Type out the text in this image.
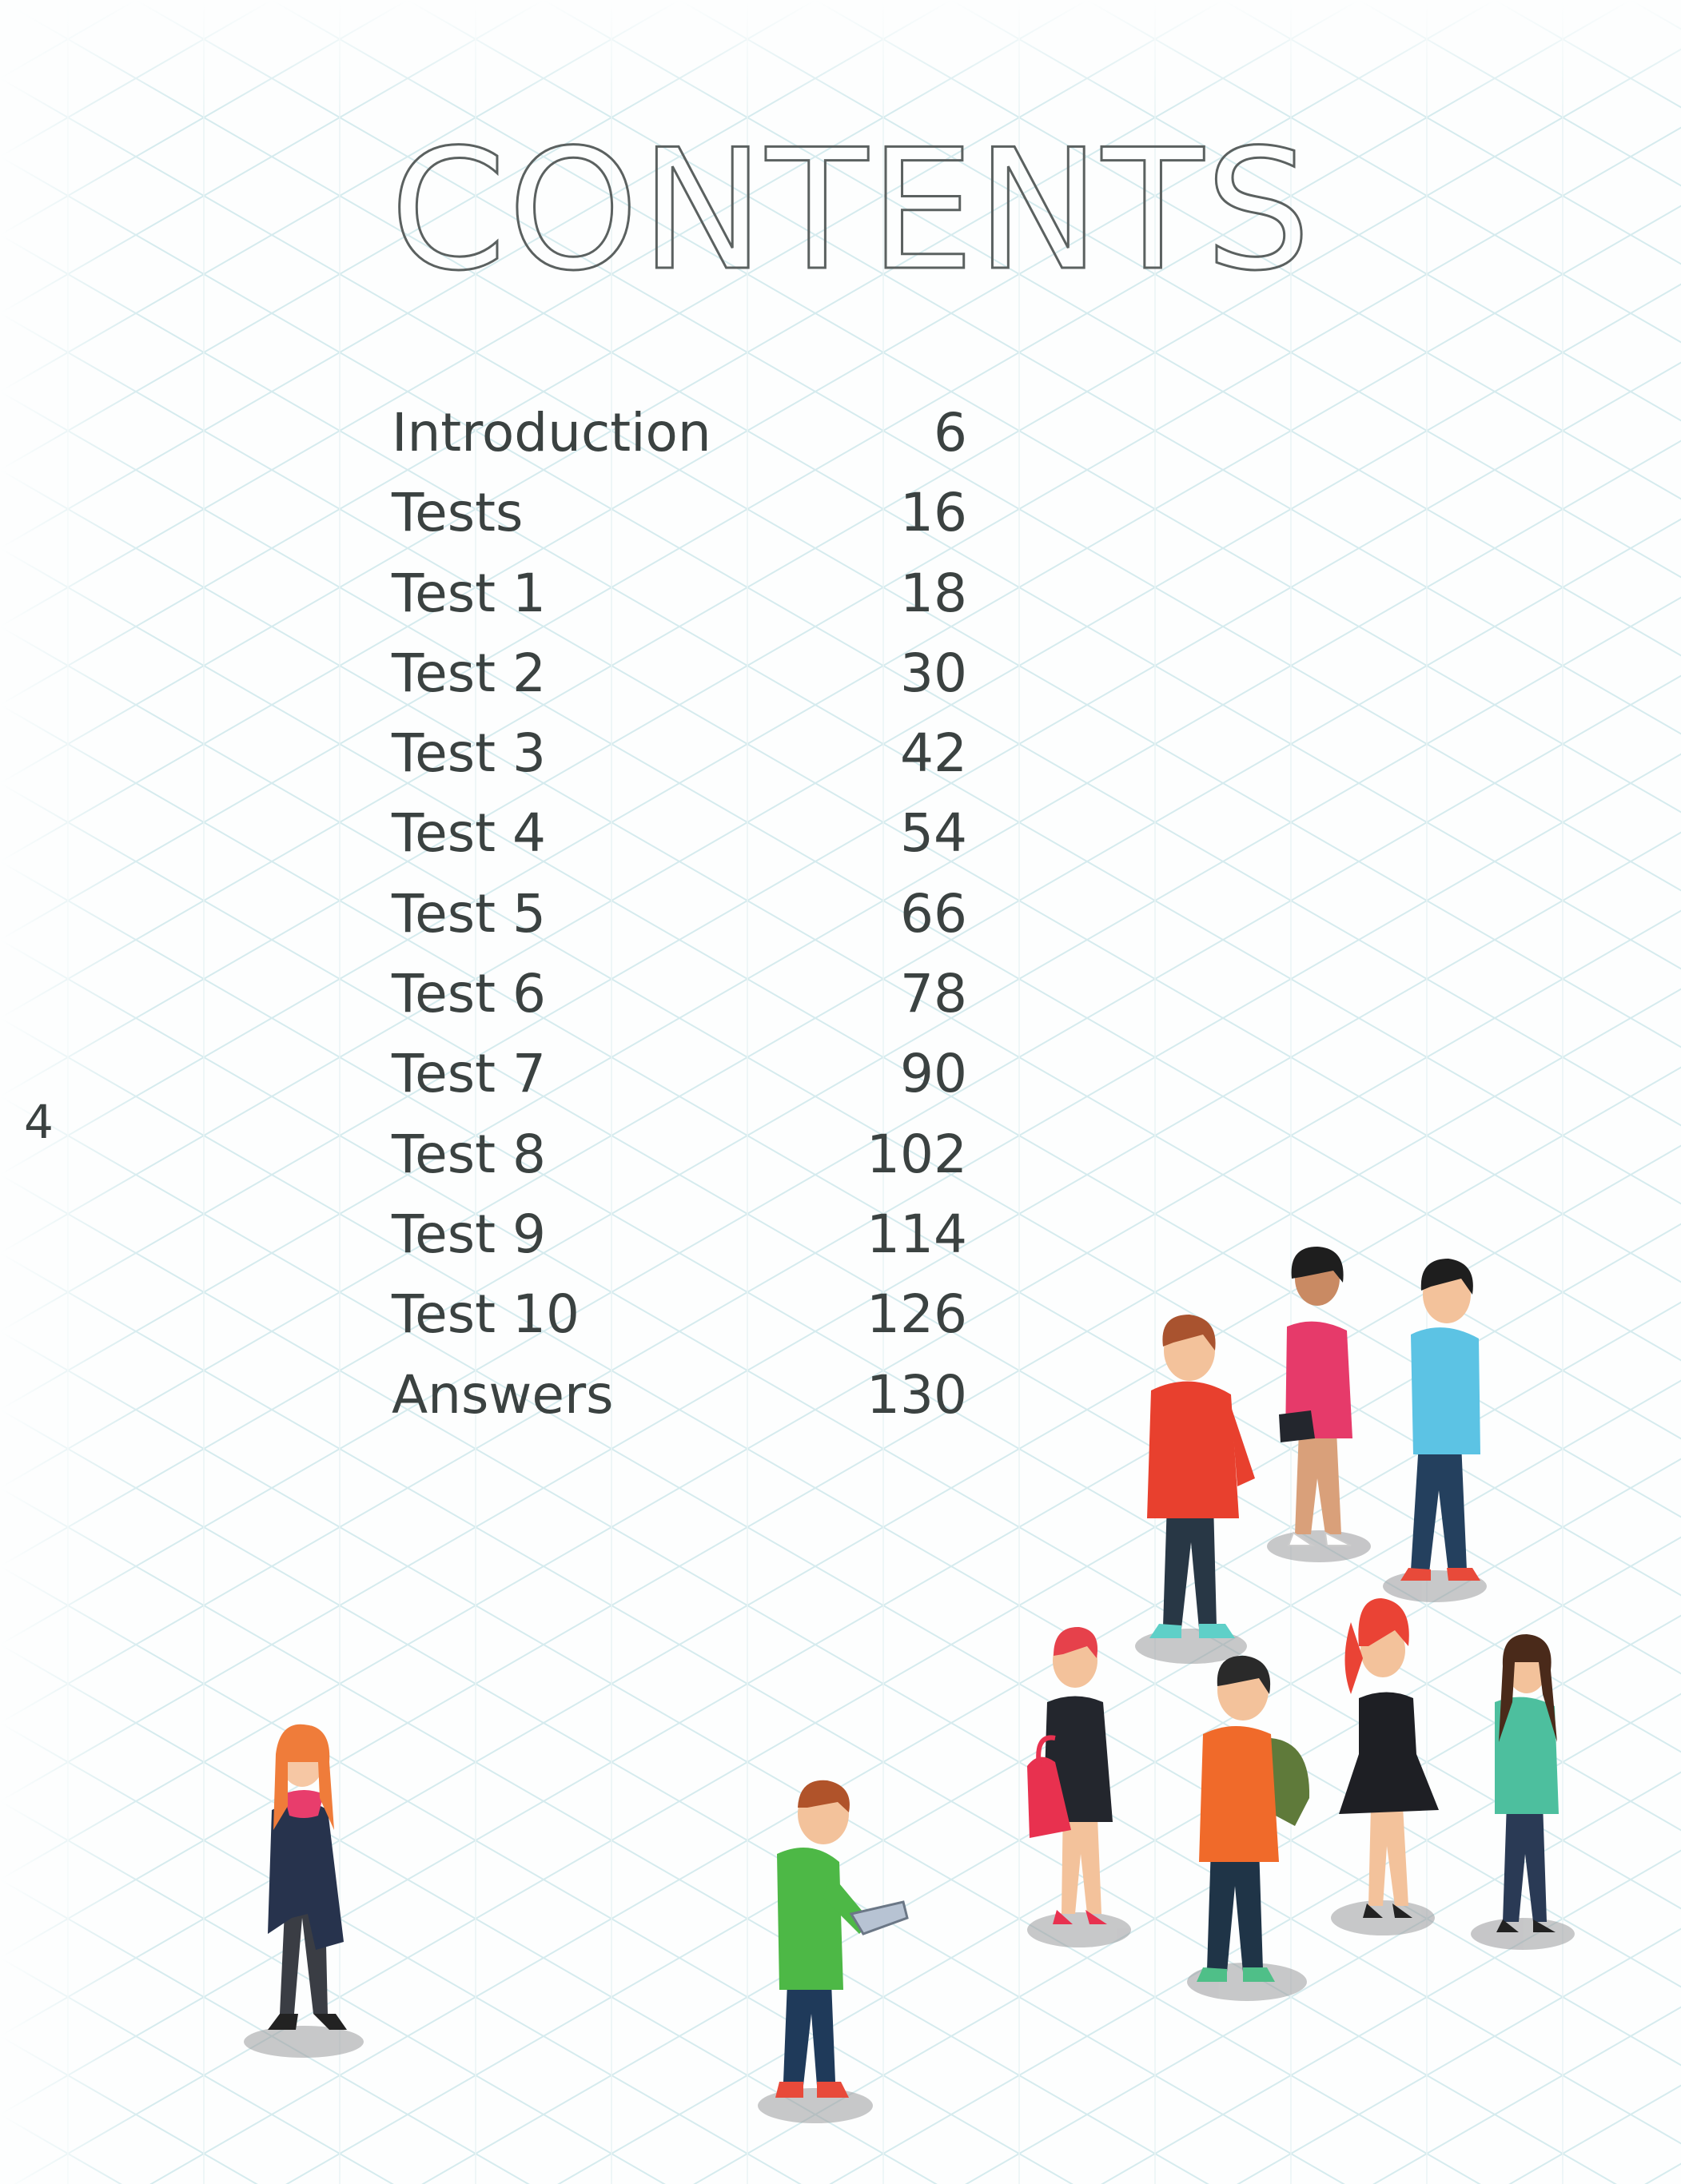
CONTENTS
Introduction	6
Tests	16
Test 1	18
Test 2	30
Test 3	42
Test 4	54
Test 5	66
Test 6	78
Test 7	90
Test 8	102
Test 9	114
Test 10	126
Answers	130
4
